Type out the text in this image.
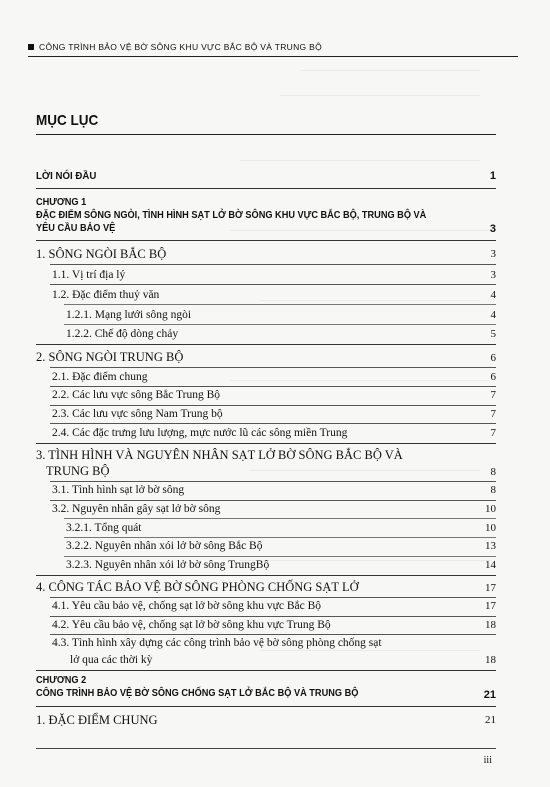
CÔNG TRÌNH BẢO VỆ BỜ SÔNG KHU VỰC BẮC BỘ VÀ TRUNG BỘ
MỤC LỤC
LỜI NÓI ĐẦU	1
CHƯƠNG 1
ĐẶC ĐIỂM SÔNG NGÒI, TÌNH HÌNH SẠT LỞ BỜ SÔNG KHU VỰC BẮC BỘ, TRUNG BỘ VÀ
YÊU CẦU BẢO VỆ	3
1. SÔNG NGÒI BẮC BỘ	3
1.1. Vị trí địa lý	3
1.2. Đặc điểm thuỷ văn	4
1.2.1. Mạng lưới sông ngòi	4
1.2.2. Chế độ dòng chảy	5
2. SÔNG NGÒI TRUNG BỘ	6
2.1. Đặc điểm chung	6
2.2. Các lưu vực sông Bắc Trung Bộ	7
2.3. Các lưu vực sông Nam Trung bộ	7
2.4. Các đặc trưng lưu lượng, mực nước lũ các sông miền Trung	7
3. TÌNH HÌNH VÀ NGUYÊN NHÂN SẠT LỞ BỜ SÔNG BẮC BỘ VÀ
TRUNG BỘ	8
3.1. Tình hình sạt lở bờ sông	8
3.2. Nguyên nhân gây sạt lở bờ sông	10
3.2.1. Tổng quát	10
3.2.2. Nguyên nhân xói lở bờ sông Bắc Bộ	13
3.2.3. Nguyên nhân xói lở bờ sông TrungBộ	14
4. CÔNG TÁC BẢO VỆ BỜ SÔNG PHÒNG CHỐNG SẠT LỞ	17
4.1. Yêu cầu bảo vệ, chống sạt lở bờ sông khu vực Bắc Bộ	17
4.2. Yêu cầu bảo vệ, chống sạt lở bờ sông khu vực Trung Bộ	18
4.3. Tình hình xây dựng các công trình bảo vệ bờ sông phòng chống sạt
lở qua các thời kỳ	18
CHƯƠNG 2
CÔNG TRÌNH BẢO VỆ BỜ SÔNG CHỐNG SẠT LỞ BẮC BỘ VÀ TRUNG BỘ	21
1. ĐẶC ĐIỂM CHUNG	21
iii
